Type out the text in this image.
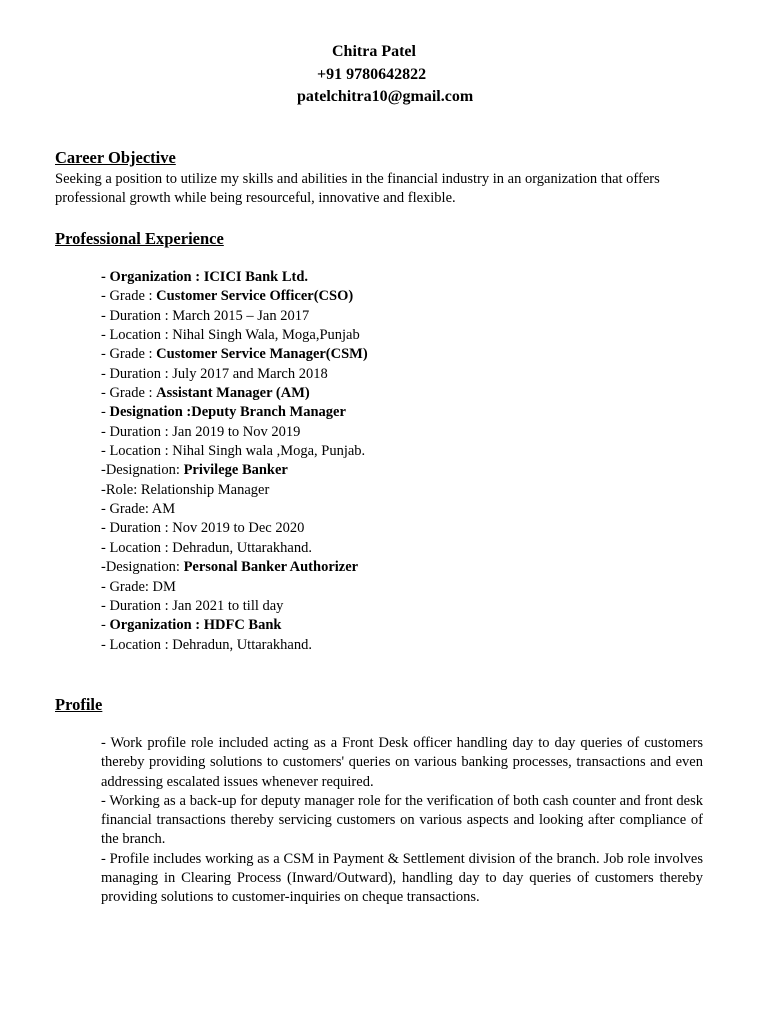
Chitra Patel
+91 9780642822
patelchitra10@gmail.com
Career Objective
Seeking a position to utilize my skills and abilities in the financial industry in an organization that offers professional growth while being resourceful, innovative and flexible.
Professional Experience
- Organization : ICICI Bank Ltd.
- Grade : Customer Service Officer(CSO)
- Duration : March 2015 – Jan 2017
- Location : Nihal Singh Wala, Moga,Punjab
- Grade : Customer Service Manager(CSM)
- Duration : July 2017 and March 2018
- Grade : Assistant Manager (AM)
- Designation :Deputy Branch Manager
- Duration : Jan 2019 to Nov 2019
- Location : Nihal Singh wala ,Moga, Punjab.
-Designation: Privilege Banker
-Role: Relationship Manager
- Grade: AM
- Duration : Nov 2019 to Dec 2020
- Location : Dehradun, Uttarakhand.
-Designation: Personal Banker Authorizer
- Grade: DM
- Duration : Jan 2021 to till day
- Organization : HDFC Bank
- Location : Dehradun, Uttarakhand.
Profile

- Work profile role included acting as a Front Desk officer handling day to day queries of customers thereby providing solutions to customers' queries on various banking processes, transactions and even addressing escalated issues whenever required.

- Working as a back-up for deputy manager role for the verification of both cash counter and front desk financial transactions thereby servicing customers on various aspects and looking after compliance of the branch.

- Profile includes working as a CSM in Payment & Settlement division of the branch. Job role involves managing in Clearing Process (Inward/Outward), handling day to day queries of customers thereby providing solutions to customer-inquiries on cheque transactions.
